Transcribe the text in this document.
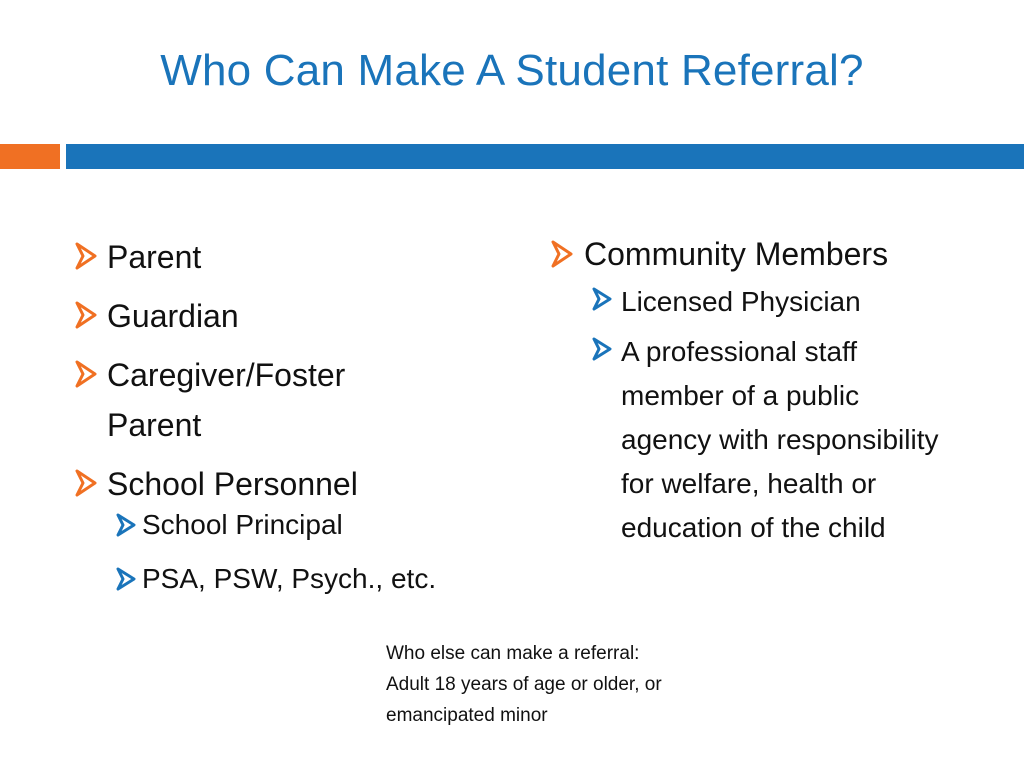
Who Can Make A Student Referral?
Parent
Guardian
Caregiver/Foster Parent
School Personnel
School Principal
PSA, PSW, Psych., etc.
Community Members
Licensed Physician
A professional staff member of a public agency with responsibility for welfare, health or education of the child
Who else can make a referral:
Adult 18 years of age or older, or
emancipated minor
